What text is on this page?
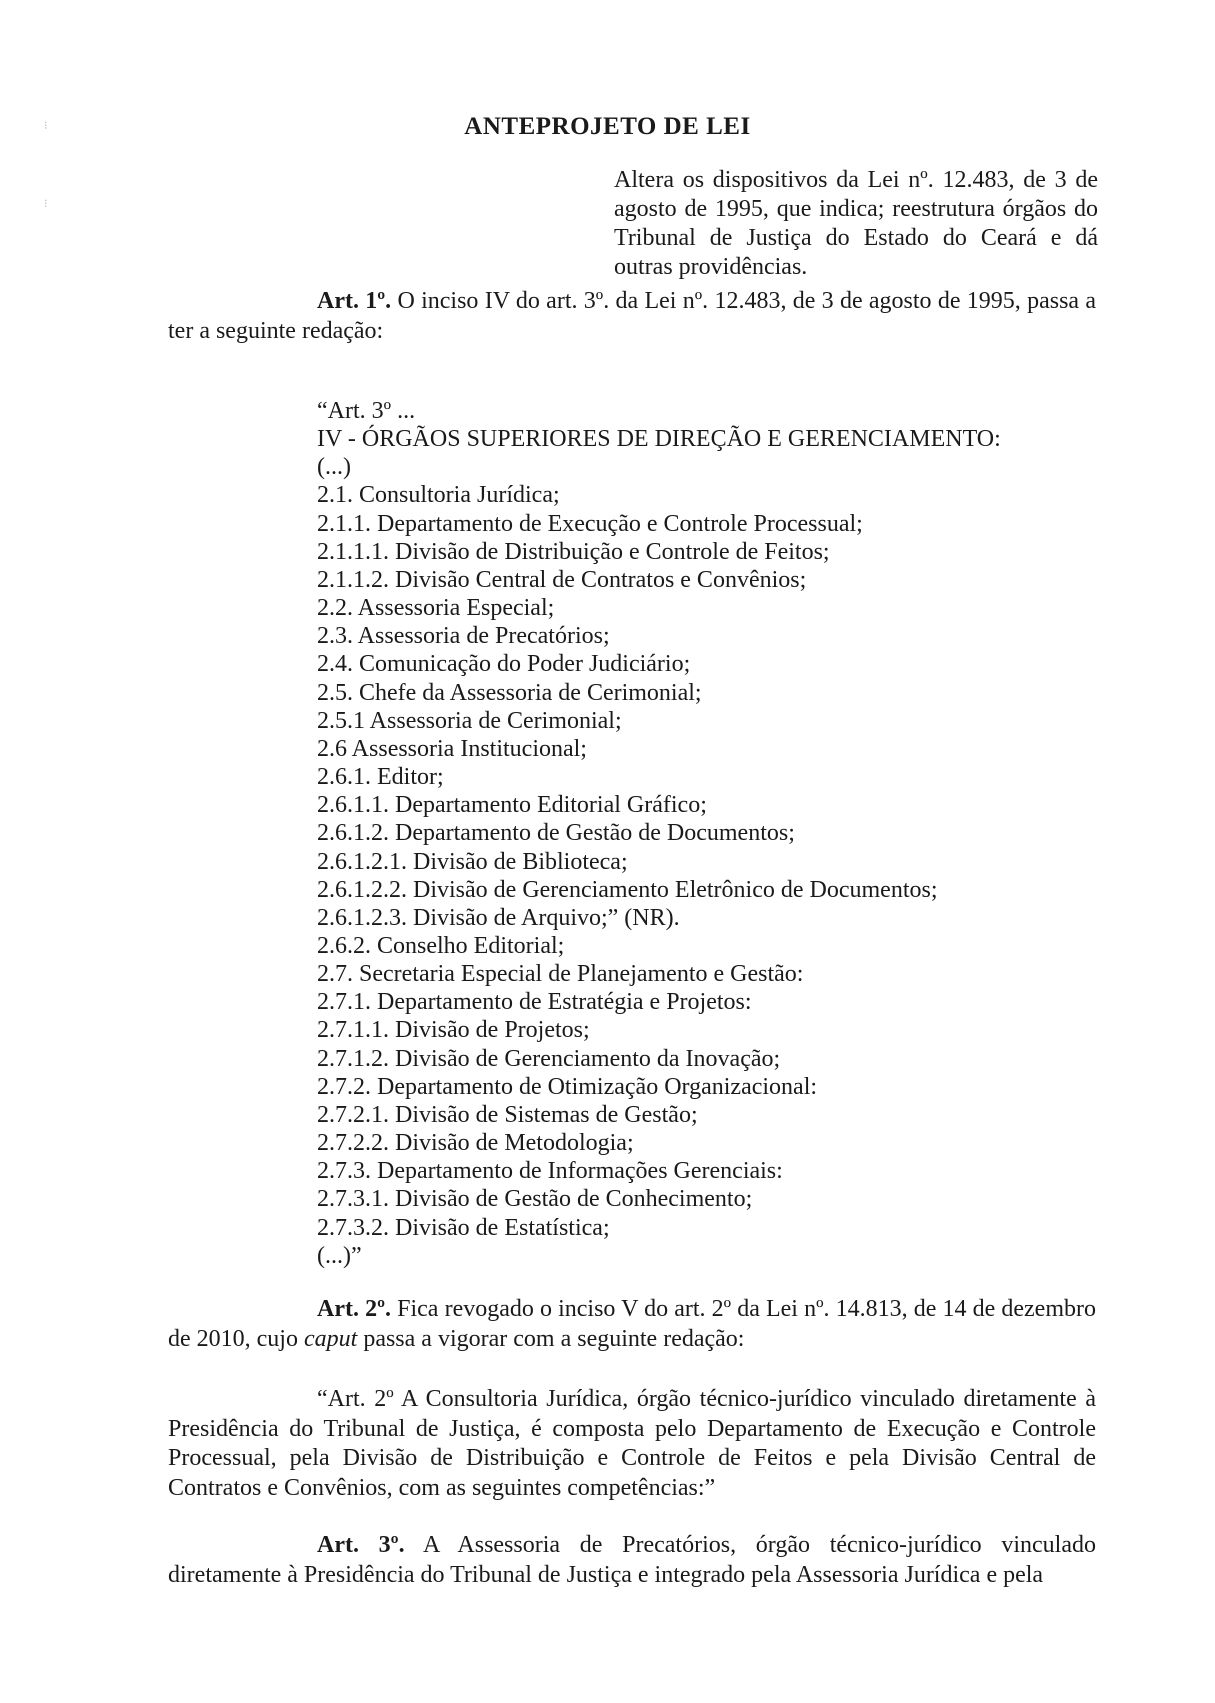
⁝
⁝
ANTEPROJETO DE LEI
Altera os dispositivos da Lei nº. 12.483, de 3 de agosto de 1995, que indica; reestrutura órgãos do Tribunal de Justiça do Estado do Ceará e dá outras providências.
Art. 1º. O inciso IV do art. 3º. da Lei nº. 12.483, de 3 de agosto de 1995, passa a ter a seguinte redação:
“Art. 3º ...
IV - ÓRGÃOS SUPERIORES DE DIREÇÃO E GERENCIAMENTO:
(...)
2.1. Consultoria Jurídica;
2.1.1. Departamento de Execução e Controle Processual;
2.1.1.1. Divisão de Distribuição e Controle de Feitos;
2.1.1.2. Divisão Central de Contratos e Convênios;
2.2. Assessoria Especial;
2.3. Assessoria de Precatórios;
2.4. Comunicação do Poder Judiciário;
2.5. Chefe da Assessoria de Cerimonial;
2.5.1 Assessoria de Cerimonial;
2.6 Assessoria Institucional;
2.6.1. Editor;
2.6.1.1. Departamento Editorial Gráfico;
2.6.1.2. Departamento de Gestão de Documentos;
2.6.1.2.1. Divisão de Biblioteca;
2.6.1.2.2. Divisão de Gerenciamento Eletrônico de Documentos;
2.6.1.2.3. Divisão de Arquivo;” (NR).
2.6.2. Conselho Editorial;
2.7. Secretaria Especial de Planejamento e Gestão:
2.7.1. Departamento de Estratégia e Projetos:
2.7.1.1. Divisão de Projetos;
2.7.1.2. Divisão de Gerenciamento da Inovação;
2.7.2. Departamento de Otimização Organizacional:
2.7.2.1. Divisão de Sistemas de Gestão;
2.7.2.2. Divisão de Metodologia;
2.7.3. Departamento de Informações Gerenciais:
2.7.3.1. Divisão de Gestão de Conhecimento;
2.7.3.2. Divisão de Estatística;
(...)”
Art. 2º. Fica revogado o inciso V do art. 2º da Lei nº. 14.813, de 14 de dezembro de 2010, cujo caput passa a vigorar com a seguinte redação:
“Art. 2º A Consultoria Jurídica, órgão técnico-jurídico vinculado diretamente à Presidência do Tribunal de Justiça, é composta pelo Departamento de Execução e Controle Processual, pela Divisão de Distribuição e Controle de Feitos e pela Divisão Central de Contratos e Convênios, com as seguintes competências:”
Art. 3º. A Assessoria de Precatórios, órgão técnico-jurídico vinculado diretamente à Presidência do Tribunal de Justiça e integrado pela Assessoria Jurídica e pela
